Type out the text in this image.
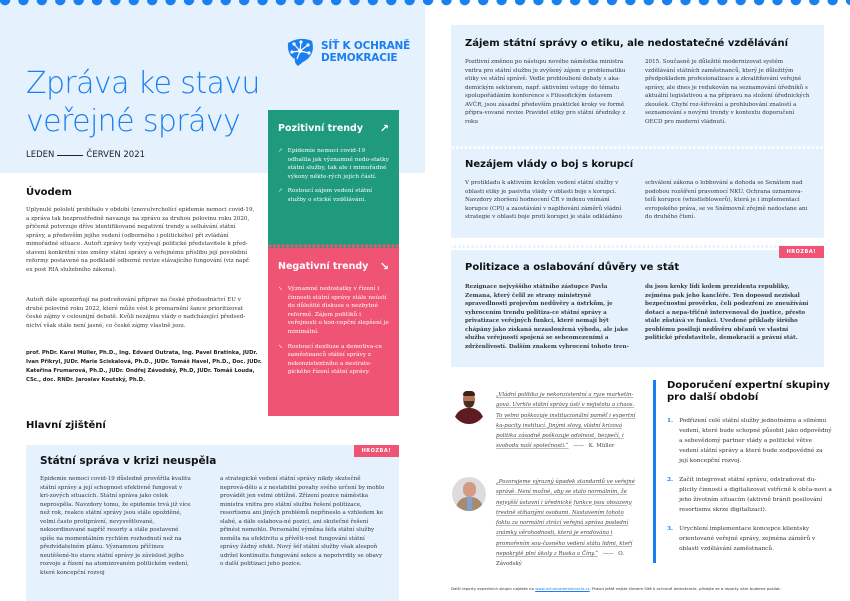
SÍŤ K OCHRANĚ
DEMOKRACIE
Zpráva ke stavu
veřejné správy
LEDEN	ČERVEN 2021
Úvodem

Uplynulé pololetí probíhalo v období (znovu)vrcholící epidemie nemoci covid-19, a zpráva tak bezprostředně navazuje na zprávu za druhou polovinu roku 2020, přičemž potvrzuje dříve identifikované negativní trendy a selhávání státní správy, a především jejího vedení (odborného i politického) při zvládání mimořádné situace. Autoři zprávy tedy vyzývají politické představitele k před-stavení konkrétní vize změny státní správy a veřejnému příslibu její povolební reformy postavené na podkladě odborné revize stávajícího fungování (viz např. ex post RIA služebního zákona).

Autoři dále upozorňují na podceňování příprav na české předsednictví EU v druhé polovině roku 2022, které může vést k promarnění šance prioritizovat české zájmy v celounijní debatě. Kvůli nezájmu vlády o nadcházející předsed-nictví však stále není jasné, co české zájmy vlastně jsou.

prof. PhDr. Karel Müller, Ph.D., Ing. Edvard Outrata, Ing. Pavel Bratinka, JUDr. Ivan Přikryl, JUDr. Marie Sciskalová, Ph.D., JUDr. Tomáš Havel, Ph.D., Doc. JUDr. Kateřina Frumarová, Ph.D., JUDr. Ondřej Závodský, Ph.D, JUDr. Tomáš Louda, CSc., doc. RNDr. Jaroslav Koutský, Ph.D.

Pozitivní trendy ↗
↗ Epidemie nemoci covid-19 odhalila jak významné nedo-statky státní služby, tak ale i mimořádné výkony někte-rých jejích částí.
↗ Rostoucí zájem vedení státní služby o etické vzdělávání.
Negativní trendy ↘
↘ Významné nedostatky v řízení i činnosti státní správy stále neústí do důležité diskuse o nezbytné reformě. Zájem politiků i veřejnosti o kon-cepční zlepšení je minimální.
↘ Rostoucí deziluze a demotiva-ce zaměstnanců státní správy z nekonzistentního a nestrate-gického řízení státní správy.
Hlavní zjištění
HROZBA!
Státní správa v krizi neuspěla

Epidemie nemoci covid-19 důsledně prověřila kvalitu státní správy a její schopnost efektivně fungovat v kri-zových situacích. Státní správa jako celek neprospěla. Navzdory tomu, že epidemie trvá již více než rok, reakce státní správy jsou stále opožděné, velmi často protiprávní, nevysvětlované, nekoordinované napříč resorty a stále postavené spíše na momentálním rychlém rozhodnutí než na předvídatelném plánu. Významnou příčinou neutěšené-ho stavu státní správy je závislost jejího rozvoje a řízení na atomizovaném politickém vedení, které koncepční rozvoj

a strategické vedení státní správy nikdy skutečně neprová-dělo a z nestabilní povahy svého určení by mohlo provádět jen velmi obtížně. Zřízení pozice náměstka ministra vnitra pro státní službu řešení politizace, resortismu ani jiných problémů nepřineslo a vzhledem ke slabé, a dále oslabova-né pozici, ani skutečné řešení přinést nemohlo. Personální výměna šéfa státní služby neměla na efektivitu a přívěti-vost fungování státní správy žádný efekt. Nový šéf státní služby však alespoň udržel kontinuitu fungování sekce a nepotvrdily se obavy o další politizaci jeho pozice.

Zájem státní správy o etiku, ale nedostatečné vzdělávání

Pozitivní změnou po nástupu nového náměstka ministra vnitra pro státní službu je zvýšený zájem o problematiku etiky ve státní správě. Vedle prohloubení debaty s aka-demickým sektorem, např. aktivními vstupy do tématu spolupořádáním konference s Filosofickým ústavem AVČR, jsou zásadní především praktické kroky ve formě připra-vované revize Pravidel etiky pro státní úředníky z roku

2015. Současně je důležité modernizovat systém vzdělávání státních zaměstnanců, který je důležitým předpokladem profesionalizace a zkvalitňování veřejné správy, ale dnes je redukován na seznamování úředníků s aktuální legislativou a na přípravu na složení úřednických zkoušek. Chybí roz-šiřování a prohlubování znalostí a seznamování s novými trendy v kontextu doporučení OECD pro moderní vládnutí.

Nezájem vlády o boj s korupcí

V protikladu k aktivním krokům vedení státní služby v oblasti etiky je pasivita vlády v oblasti boje s korupcí. Navzdory zhoršení hodnocení ČR v indexu vnímání korupce (CPI) a zaostávání v naplňování záměrů vládní strategie v oblasti boje proti korupci je stále odkládáno

schválení zákona o lobbování a dohoda se Senátem nad podobou rozšíření pravomocí NKÚ. Ochrana oznamova-telů korupce (whistleblowerů), která je i implementací evropského práva, se ve Sněmovně zřejmě nedostane ani do druhého čtení.

HROZBA!
Politizace a oslabování důvěry ve stát

Rezignace nejvyššího státního zástupce Pavla Zemana, který čelil ze strany ministryně spravedlnosti projevům nedůvěry a ústrkům, je vyhrocením trendu politiza-ce státní správy a privatizace veřejných funkcí, které nemají být chápány jako získaná nezasloužená výhoda, ale jako služba veřejnosti spojená se sebeomezeními a zdrženlivostí. Dalším znakem vyhrocení tohoto tren-

du jsou kroky lidí kolem prezidenta republiky, zejména pak jeho kancléře. Ten doposud nezískal bezpečnostní prověrku, čelí podezření ze zneužívání dotací a nepa-třičně intervenoval do justice, přesto stále zůstává ve funkci. Uvedené příklady širšího problému posilují nedůvěru občanů ve vlastní politické představitele, demokracii a právní stát.

„Vládní politika je nekonzistentní a ryze marketin-gová. Uvrhlo státní správy ústí v nejistotu a chaos. To velmi poškozuje institucionální paměť i expertní ka-pacity institucí. Jinými slovy, vládní krizová politika zásadně poškozuje odolnost, bezpečí, i svobodu naší společnosti.“ —— K. Müller

„Pozorujeme výrazný úpadek standardů ve veřejné správě. Není možné, aby se stalo normálním, že nejvyšší ústavní i úřednické funkce jsou obsazeny trestně stíhanými osobami. Nastavením tohoto faktu za normální ztrácí veřejná správa poslední známky věrohodnosti, která je erodována i promořením sou-časného vedení státu lidmi, kteří nepokrytě plní úkoly z Ruska a Číny.“ —— O. Závodský

Doporučení expertní skupiny
pro další období
1. Podřízení celé státní služby jednotnému a silnému vedení, které bude schopné působit jako odpovědný a sebevědomý partner vlády a politické větve vedení státní správy a které bude zodpovědné za její koncepční rozvoj.
2. Začít integrovat státní správu, odstraňovat du-plicity činností a digitalizovat vstřícně k obča-novi a jeho životním situacím (aktivně bránit posilování resortismu skrze digitalizaci).
3. Urychlení implementace koncepce klientsky orientované veřejné správy, zejména záměrů v oblasti vzdělávání zaměstnanců.
Další reporty expertních skupin najdete na www.ochranademokracie.cz. Pokud ještě nejste členem Sítě k ochraně demokracie, přidejte se a reporty vám budeme posílat.
